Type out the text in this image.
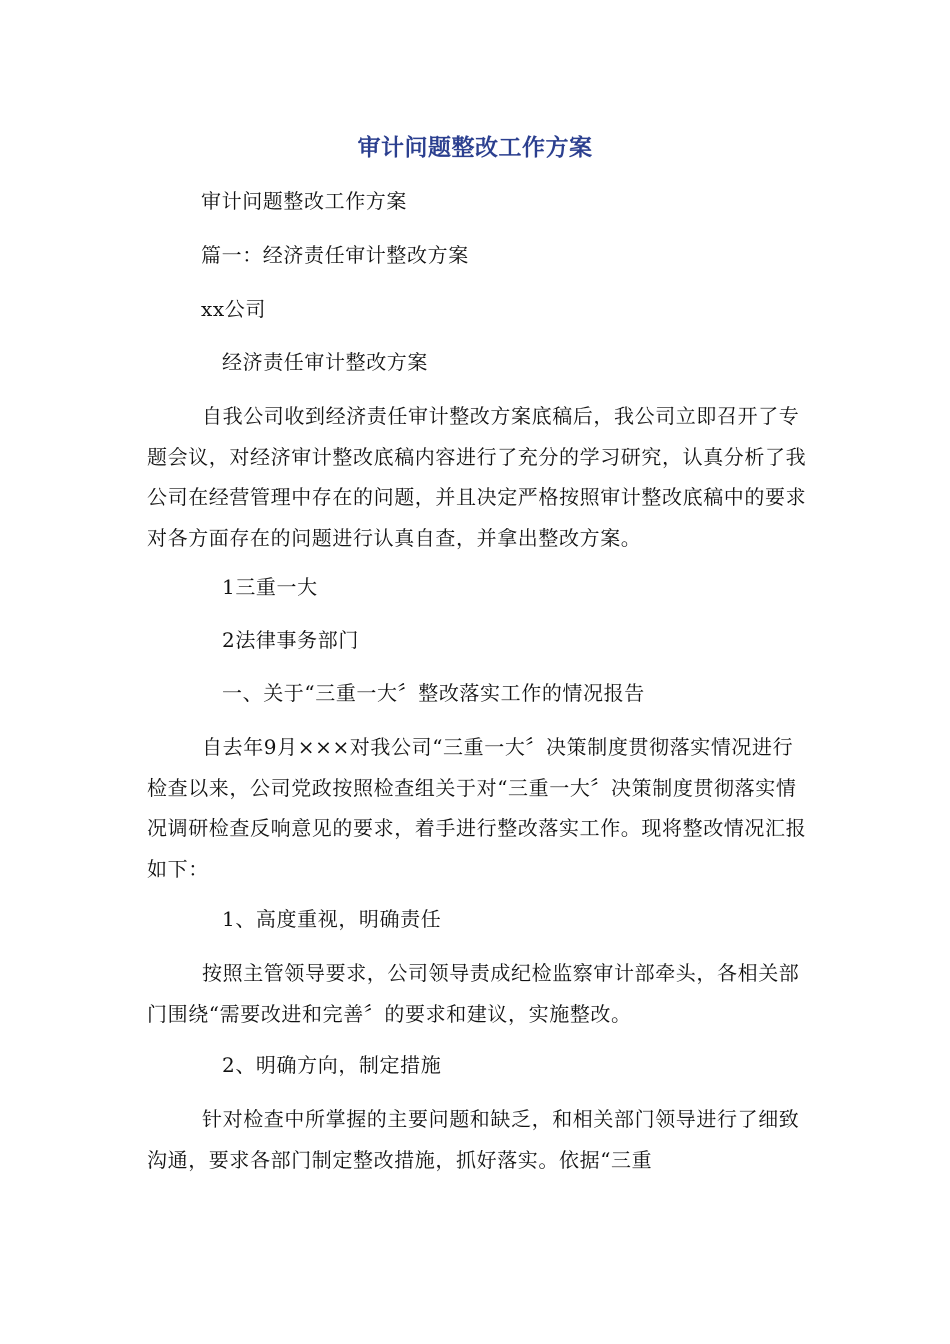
审计问题整改工作方案
审计问题整改工作方案
篇一：经济责任审计整改方案
xx公司
经济责任审计整改方案
自我公司收到经济责任审计整改方案底稿后，我公司立即召开了专题会议，对经济审计整改底稿内容进行了充分的学习研究，认真分析了我公司在经营管理中存在的问题，并且决定严格按照审计整改底稿中的要求对各方面存在的问题进行认真自查，并拿出整改方案。
1三重一大
2法律事务部门
一、关于“三重一大〞整改落实工作的情况报告
自去年9月×××对我公司“三重一大〞决策制度贯彻落实情况进行检查以来，公司党政按照检查组关于对“三重一大〞决策制度贯彻落实情况调研检查反响意见的要求，着手进行整改落实工作。现将整改情况汇报如下：
1、高度重视，明确责任
按照主管领导要求，公司领导责成纪检监察审计部牵头，各相关部门围绕“需要改进和完善〞的要求和建议，实施整改。
2、明确方向，制定措施
针对检查中所掌握的主要问题和缺乏，和相关部门领导进行了细致沟通，要求各部门制定整改措施，抓好落实。依据“三重
